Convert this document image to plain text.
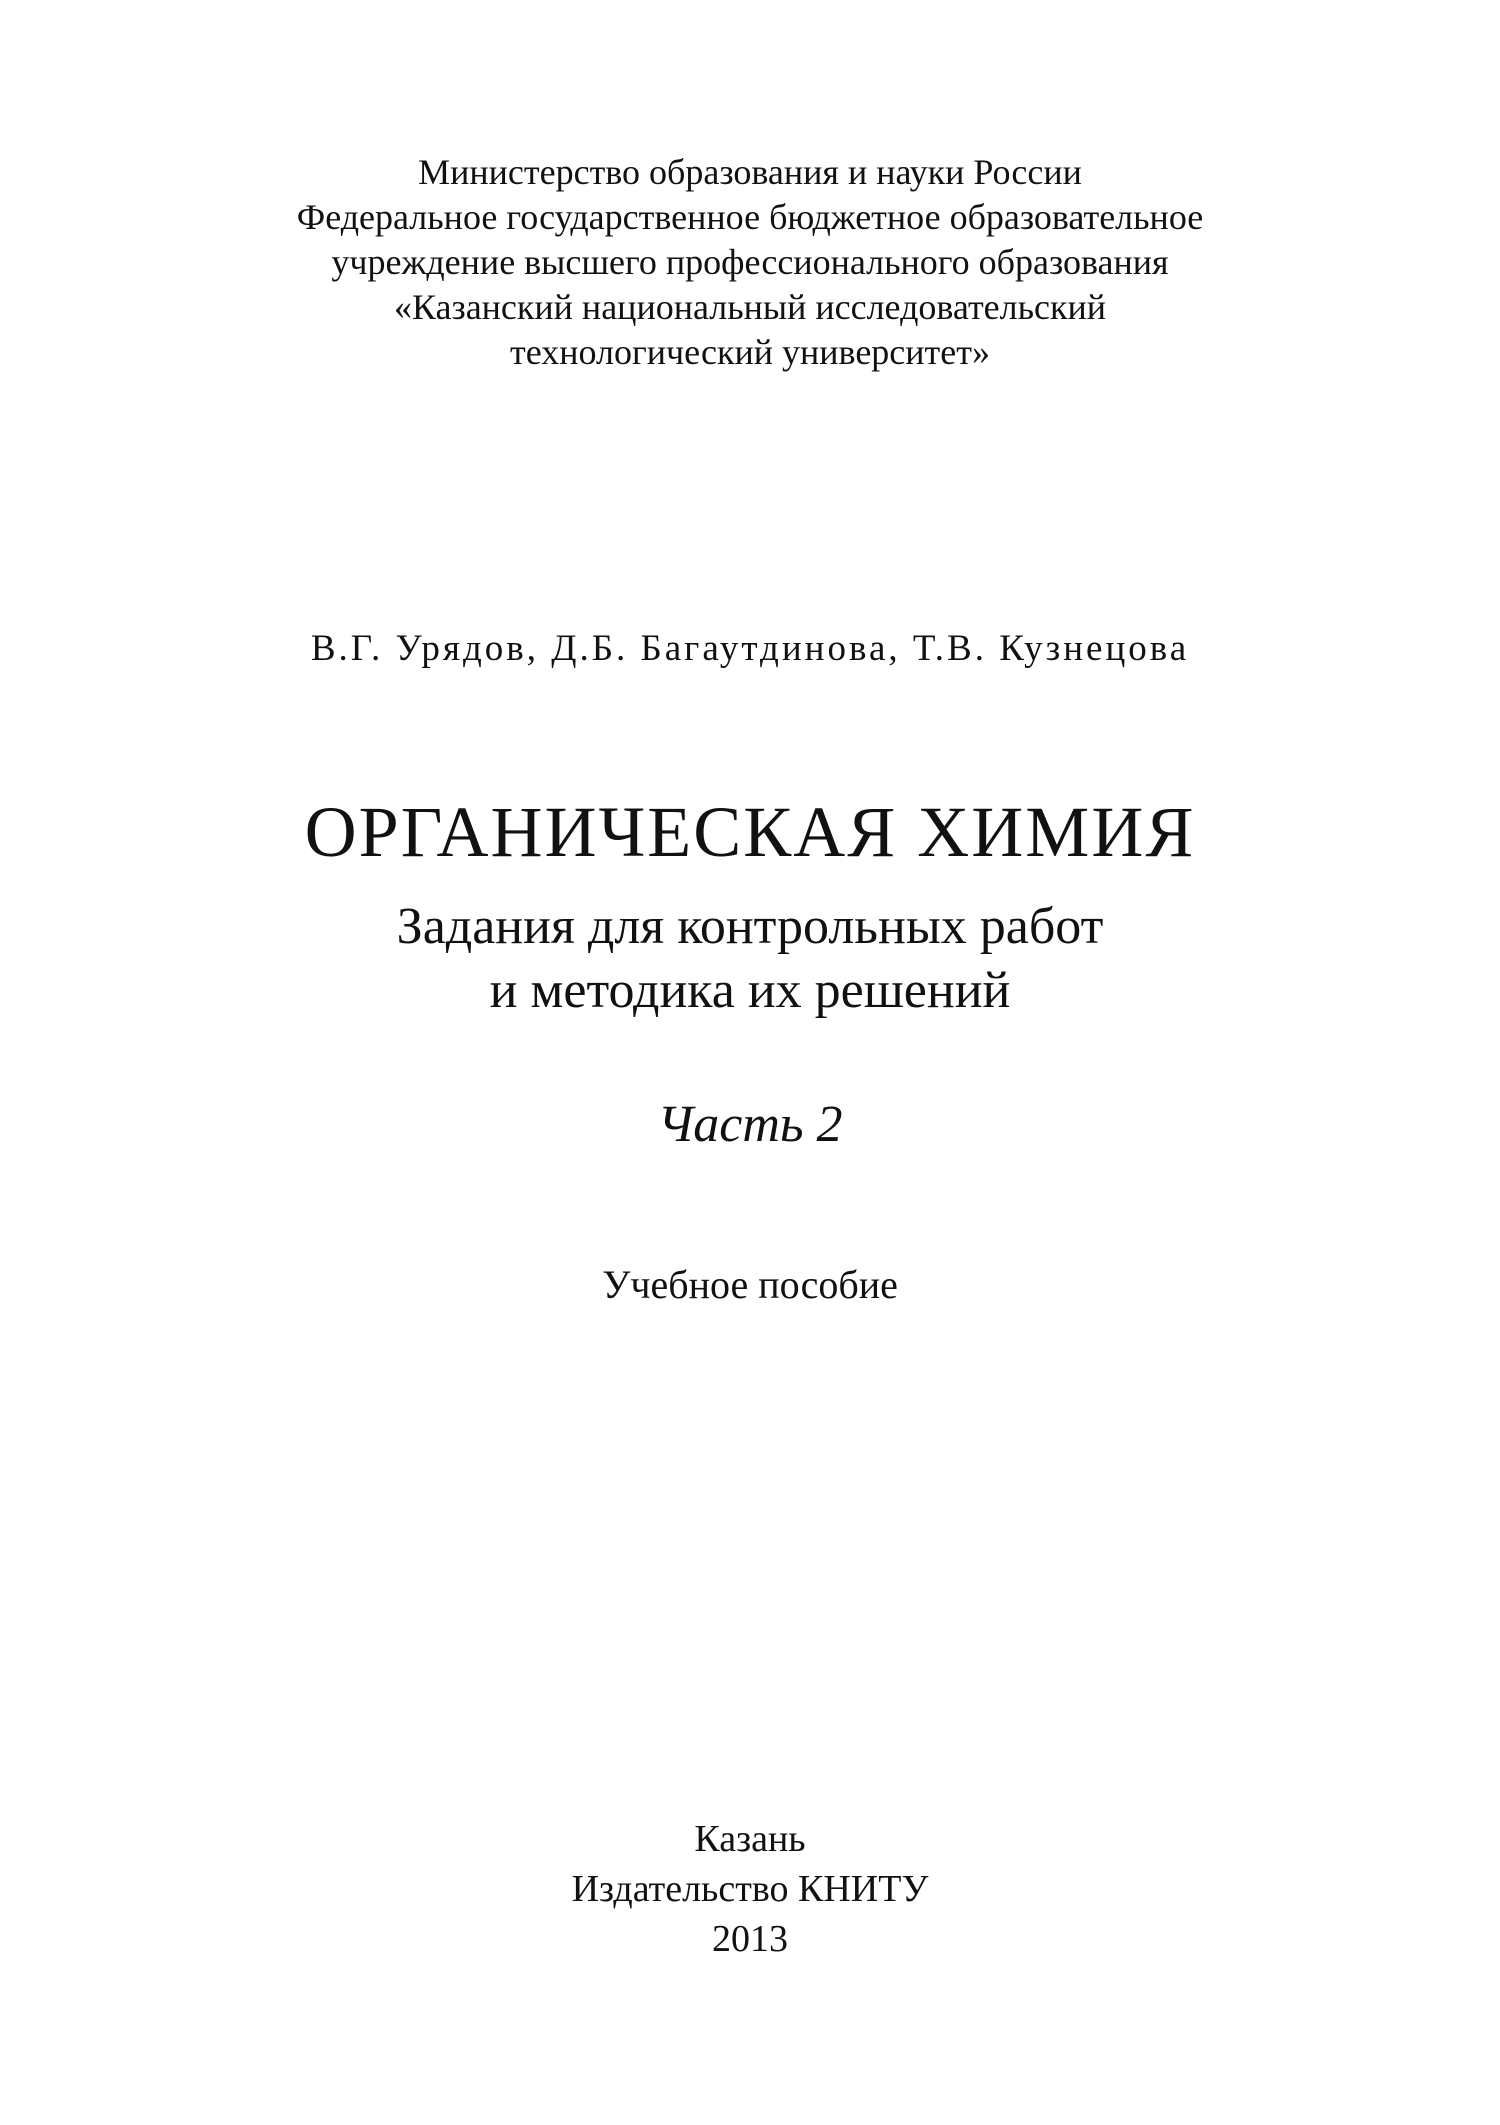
Министерство образования и науки России
Федеральное государственное бюджетное образовательное
учреждение высшего профессионального образования
«Казанский национальный исследовательский
технологический университет»
В.Г. Урядов, Д.Б. Багаутдинова, Т.В. Кузнецова
ОРГАНИЧЕСКАЯ ХИМИЯ
Задания для контрольных работ
и методика их решений
Часть 2
Учебное пособие
Казань
Издательство КНИТУ
2013
